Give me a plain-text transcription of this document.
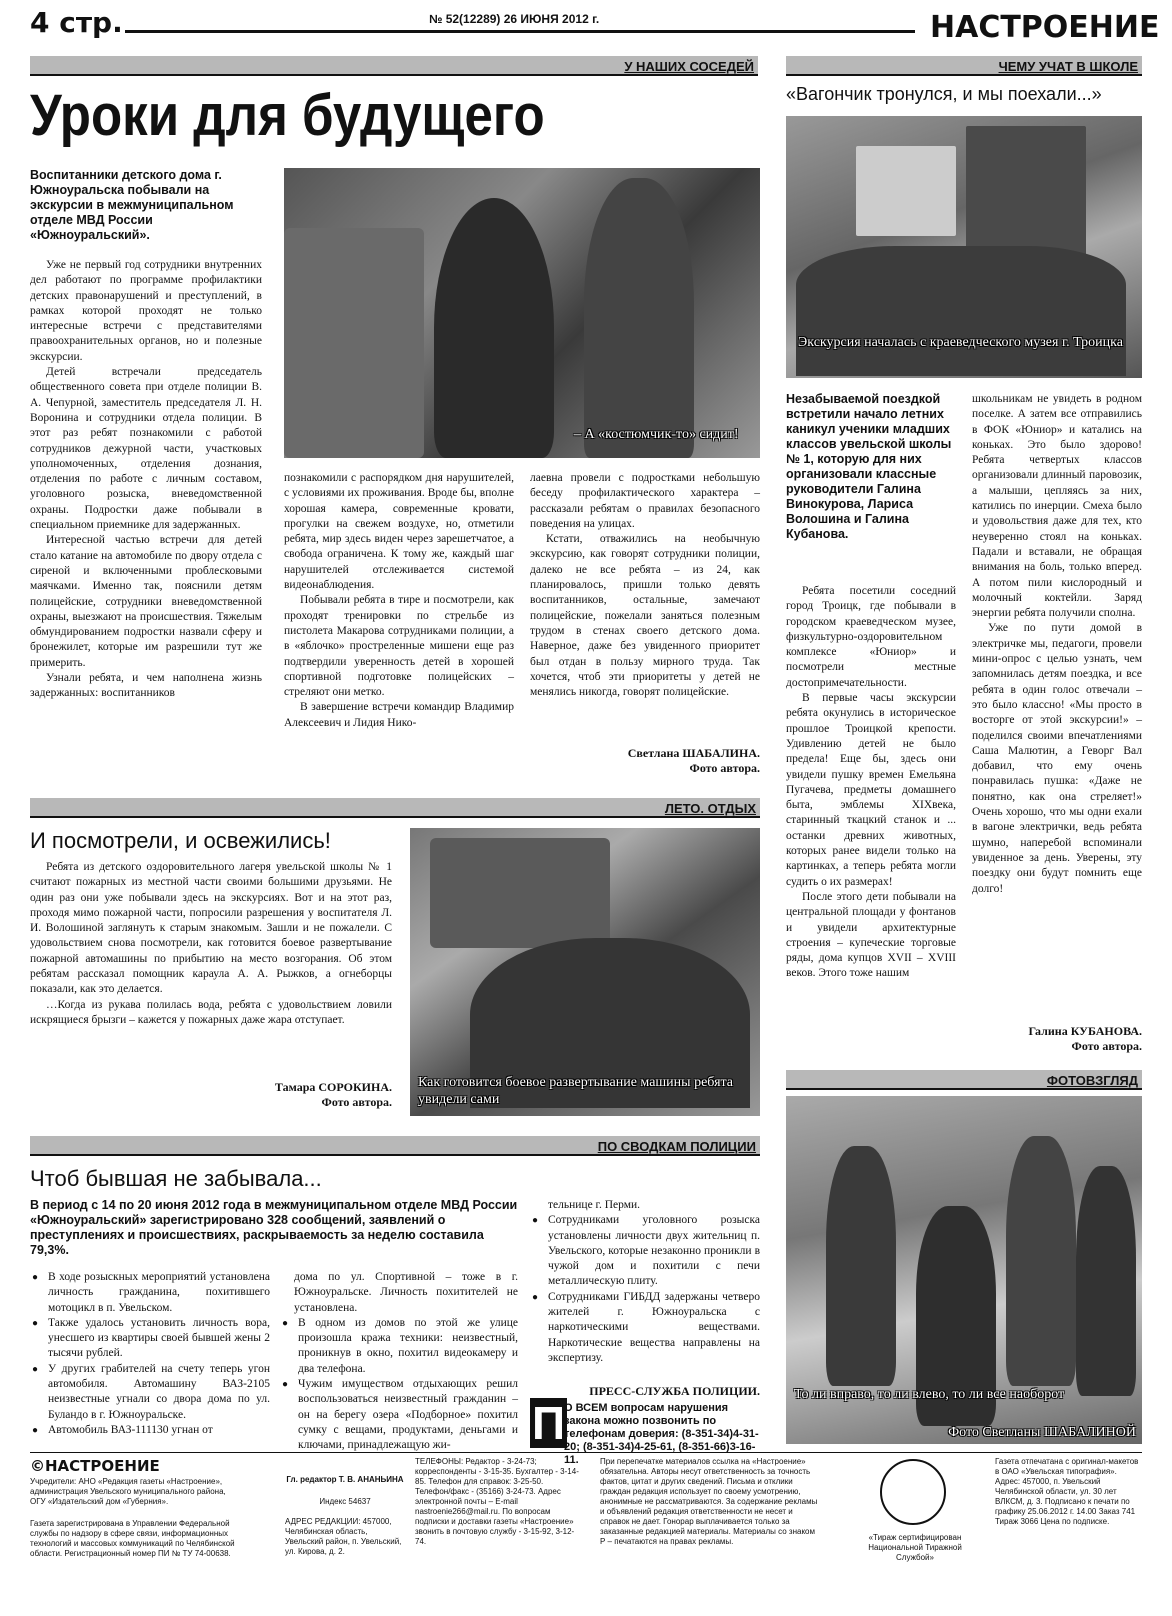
4 стр.	№ 52(12289) 26 ИЮНЯ 2012 г.	НАСТРОЕНИЕ
У НАШИХ СОСЕДЕЙ
Уроки для будущего
Воспитанники детского дома г. Южноуральска побывали на экскурсии в межмуниципальном отделе МВД России «Южноуральский».
– А «костюмчик-то» сидит!

Уже не первый год сотрудники внутренних дел работают по программе профилактики детских правонарушений и преступлений, в рамках которой проходят не только интересные встречи с представителями правоохранительных органов, но и полезные экскурсии.

Детей встречали председатель общественного совета при отделе полиции В. А. Чепурной, заместитель председателя Л. Н. Воронина и сотрудники отдела полиции. В этот раз ребят познакомили с работой сотрудников дежурной части, участковых уполномоченных, отделения дознания, отделения по работе с личным составом, уголовного розыска, вневедомственной охраны. Подростки даже побывали в специальном приемнике для задержанных.

Интересной частью встречи для детей стало катание на автомобиле по двору отдела с сиреной и включенными проблесковыми маячками. Именно так, пояснили детям полицейские, сотрудники вневедомственной охраны, выезжают на происшествия. Тяжелым обмундированием подростки назвали сферу и бронежилет, которые им разрешили тут же примерить.

Узнали ребята, и чем наполнена жизнь задержанных: воспитанников

познакомили с распорядком дня нарушителей, с условиями их проживания. Вроде бы, вполне хорошая камера, современные кровати, прогулки на свежем воздухе, но, отметили ребята, мир здесь виден через зарешетчатое, а свобода ограничена. К тому же, каждый шаг нарушителей отслеживается системой видеонаблюдения.

Побывали ребята в тире и посмотрели, как проходят тренировки по стрельбе из пистолета Макарова сотрудниками полиции, а в «яблочко» простреленные мишени еще раз подтвердили уверенность детей в хорошей спортивной подготовке полицейских – стреляют они метко.

В завершение встречи командир Владимир Алексеевич и Лидия Нико-

лаевна провели с подростками небольшую беседу профилактического характера – рассказали ребятам о правилах безопасного поведения на улицах.

Кстати, отважились на необычную экскурсию, как говорят сотрудники полиции, далеко не все ребята – из 24, как планировалось, пришли только девять воспитанников, остальные, замечают полицейские, пожелали заняться полезным трудом в стенах своего детского дома. Наверное, даже без увиденного приоритет был отдан в пользу мирного труда. Так хочется, чтоб эти приоритеты у детей не менялись никогда, говорят полицейские.

Светлана ШАБАЛИНА.
Фото автора.
ЧЕМУ УЧАТ В ШКОЛЕ
«Вагончик тронулся, и мы поехали...»
Экскурсия началась с краеведческого музея г. Троицка
Незабываемой поездкой встретили начало летних каникул ученики младших классов увельской школы № 1, которую для них организовали классные руководители Галина Винокурова, Лариса Волошина и Галина Кубанова.

Ребята посетили соседний город Троицк, где побывали в городском краеведческом музее, физкультурно-оздоровительном комплексе «Юниор» и посмотрели местные достопримечательности.

В первые часы экскурсии ребята окунулись в историческое прошлое Троицкой крепости. Удивлению детей не было предела! Еще бы, здесь они увидели пушку времен Емельяна Пугачева, предметы домашнего быта, эмблемы XIXвека, старинный ткацкий станок и ... останки древних животных, которых ранее видели только на картинках, а теперь ребята могли судить о их размерах!

После этого дети побывали на центральной площади у фонтанов и увидели архитектурные строения – купеческие торговые ряды, дома купцов XVII – XVIII веков. Этого тоже нашим

школьникам не увидеть в родном поселке. А затем все отправились в ФОК «Юниор» и катались на коньках. Это было здорово! Ребята четвертых классов организовали длинный паровозик, а малыши, цепляясь за них, катились по инерции. Смеха было и удовольствия даже для тех, кто неуверенно стоял на коньках. Падали и вставали, не обращая внимания на боль, только вперед. А потом пили кислородный и молочный коктейли. Заряд энергии ребята получили сполна.

Уже по пути домой в электричке мы, педагоги, провели мини-опрос с целью узнать, чем запомнилась детям поездка, и все ребята в один голос отвечали – это было классно! «Мы просто в восторге от этой экскурсии!» – поделился своими впечатлениями Саша Малютин, а Геворг Вал добавил, что ему очень понравилась пушка: «Даже не понятно, как она стреляет!» Очень хорошо, что мы одни ехали в вагоне электрички, ведь ребята шумно, наперебой вспоминали увиденное за день. Уверены, эту поездку они будут помнить еще долго!

Галина КУБАНОВА.
Фото автора.
ЛЕТО. ОТДЫХ
И посмотрели, и освежились!

Ребята из детского оздоровительного лагеря увельской школы № 1 считают пожарных из местной части своими большими друзьями. Не один раз они уже побывали здесь на экскурсиях. Вот и на этот раз, проходя мимо пожарной части, попросили разрешения у воспитателя Л. И. Волошиной заглянуть к старым знакомым. Зашли и не пожалели. С удовольствием снова посмотрели, как готовится боевое развертывание пожарной автомашины по прибытию на место возгорания. Об этом ребятам рассказал помощник караула А. А. Рыжков, а огнеборцы показали, как это делается.

…Когда из рукава полилась вода, ребята с удовольствием ловили искрящиеся брызги – кажется у пожарных даже жара отступает.

Тамара СОРОКИНА.
Фото автора.
Как готовится боевое развертывание машины ребята увидели сами
ФОТОВЗГЛЯД
То ли вправо, то ли влево, то ли все наоборот
Фото Светланы ШАБАЛИНОЙ
ПО СВОДКАМ ПОЛИЦИИ
Чтоб бывшая не забывала...
В период с 14 по 20 июня 2012 года в межмуниципальном отделе МВД России «Южноуральский» зарегистрировано 328 сообщений, заявлений о преступлениях и происшествиях, раскрываемость за неделю составила 79,3%.
● В ходе розыскных мероприятий установлена личность гражданина, похитившего мотоцикл в п. Увельском.
● Также удалось установить личность вора, унесшего из квартиры своей бывшей жены 2 тысячи рублей.
● У других грабителей на счету теперь угон автомобиля. Автомашину ВАЗ-2105 неизвестные угнали со двора дома по ул. Буландо в г. Южноуральске.
● Автомобиль ВАЗ-111130 угнан от
дома по ул. Спортивной – тоже в г. Южноуральске. Личность похитителей не установлена.
● В одном из домов по этой же улице произошла кража техники: неизвестный, проникнув в окно, похитил видеокамеру и два телефона.
● Чужим имуществом отдыхающих решил воспользоваться неизвестный гражданин – он на берегу озера «Подборное» похитил сумку с вещами, продуктами, деньгами и ключами, принадлежащую жи-
тельнице г. Перми.
● Сотрудниками уголовного розыска установлены личности двух жительниц п. Увельского, которые незаконно проникли в чужой дом и похитили с печи металлическую плиту.
● Сотрудниками ГИБДД задержаны четверо жителей г. Южноуральска с наркотическими веществами. Наркотические вещества направлены на экспертизу.
ПРЕСС-СЛУЖБА ПОЛИЦИИ.
П
О ВСЕМ вопросам нарушения закона можно позвонить по телефонам доверия: (8-351-34)4-31-20; (8-351-34)4-25-61, (8-351-66)3-16-11.
©НАСТРОЕНИЕ
Учредители: АНО «Редакция газеты «Настроение», администрация Увельского муниципального района, ОГУ «Издательский дом «Губерния».
Газета зарегистрирована в Управлении Федеральной службы по надзору в сфере связи, информационных технологий и массовых коммуникаций по Челябинской области. Регистрационный номер ПИ № ТУ 74-00638.
Гл. редактор Т. В. АНАНЬИНА
Индекс 54637
АДРЕС РЕДАКЦИИ: 457000, Челябинская область, Увельский район, п. Увельский, ул. Кирова, д. 2.
ТЕЛЕФОНЫ: Редактор - 3-24-73; корреспонденты - 3-15-35. Бухгалтер - 3-14-85. Телефон для справок: 3-25-50. Телефон/факс - (35166) 3-24-73. Адрес электронной почты – E-mail nastroenie266@mail.ru. По вопросам подписки и доставки газеты «Настроение» звонить в почтовую службу - 3-15-92, 3-12-74.
При перепечатке материалов ссылка на «Настроение» обязательна. Авторы несут ответственность за точность фактов, цитат и других сведений. Письма и отклики граждан редакция использует по своему усмотрению, анонимные не рассматриваются. За содержание рекламы и объявлений редакция ответственности не несет и справок не дает. Гонорар выплачивается только за заказанные редакцией материалы. Материалы со знаком Р – печатаются на правах рекламы.	«Тираж сертифицирован Национальной Тиражной Службой»
Газета отпечатана с оригинал-макетов в ОАО «Увельская типография». Адрес: 457000, п. Увельский Челябинской области, ул. 30 лет ВЛКСМ, д. 3. Подписано к печати по графику 25.06.2012 г. 14.00 Заказ 741 Тираж 3066 Цена по подписке.
